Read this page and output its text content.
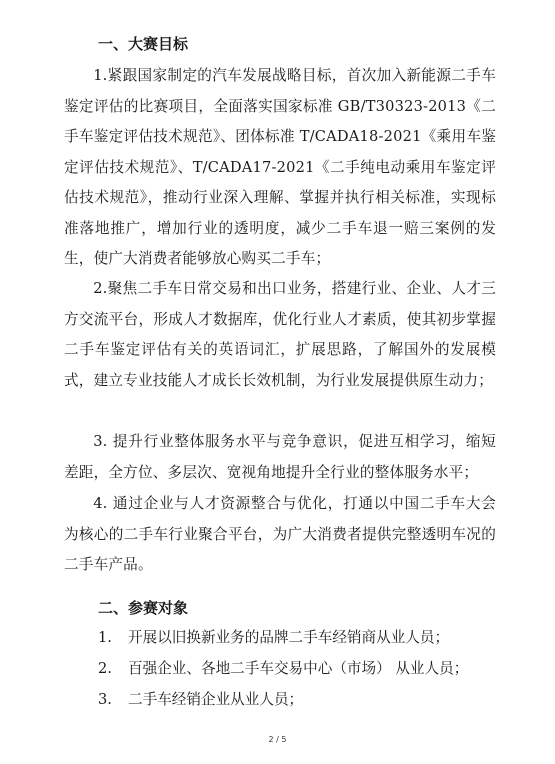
一、大赛目标
1.紧跟国家制定的汽车发展战略目标，首次加入新能源二手车鉴定评估的比赛项目，全面落实国家标准 GB/T30323-2013《二手车鉴定评估技术规范》、团体标准 T/CADA18-2021《乘用车鉴定评估技术规范》、T/CADA17-2021《二手纯电动乘用车鉴定评估技术规范》，推动行业深入理解、掌握并执行相关标准，实现标准落地推广，增加行业的透明度，减少二手车退一赔三案例的发生，使广大消费者能够放心购买二手车；
2.聚焦二手车日常交易和出口业务，搭建行业、企业、人才三方交流平台，形成人才数据库，优化行业人才素质，使其初步掌握二手车鉴定评估有关的英语词汇，扩展思路，了解国外的发展模式，建立专业技能人才成长长效机制，为行业发展提供原生动力；
3. 提升行业整体服务水平与竞争意识，促进互相学习，缩短差距，全方位、多层次、宽视角地提升全行业的整体服务水平；
4. 通过企业与人才资源整合与优化，打通以中国二手车大会为核心的二手车行业聚合平台，为广大消费者提供完整透明车况的二手车产品。
二、参赛对象
1. 开展以旧换新业务的品牌二手车经销商从业人员；
2. 百强企业、各地二手车交易中心（市场） 从业人员；
3. 二手车经销企业从业人员；
2 / 5
